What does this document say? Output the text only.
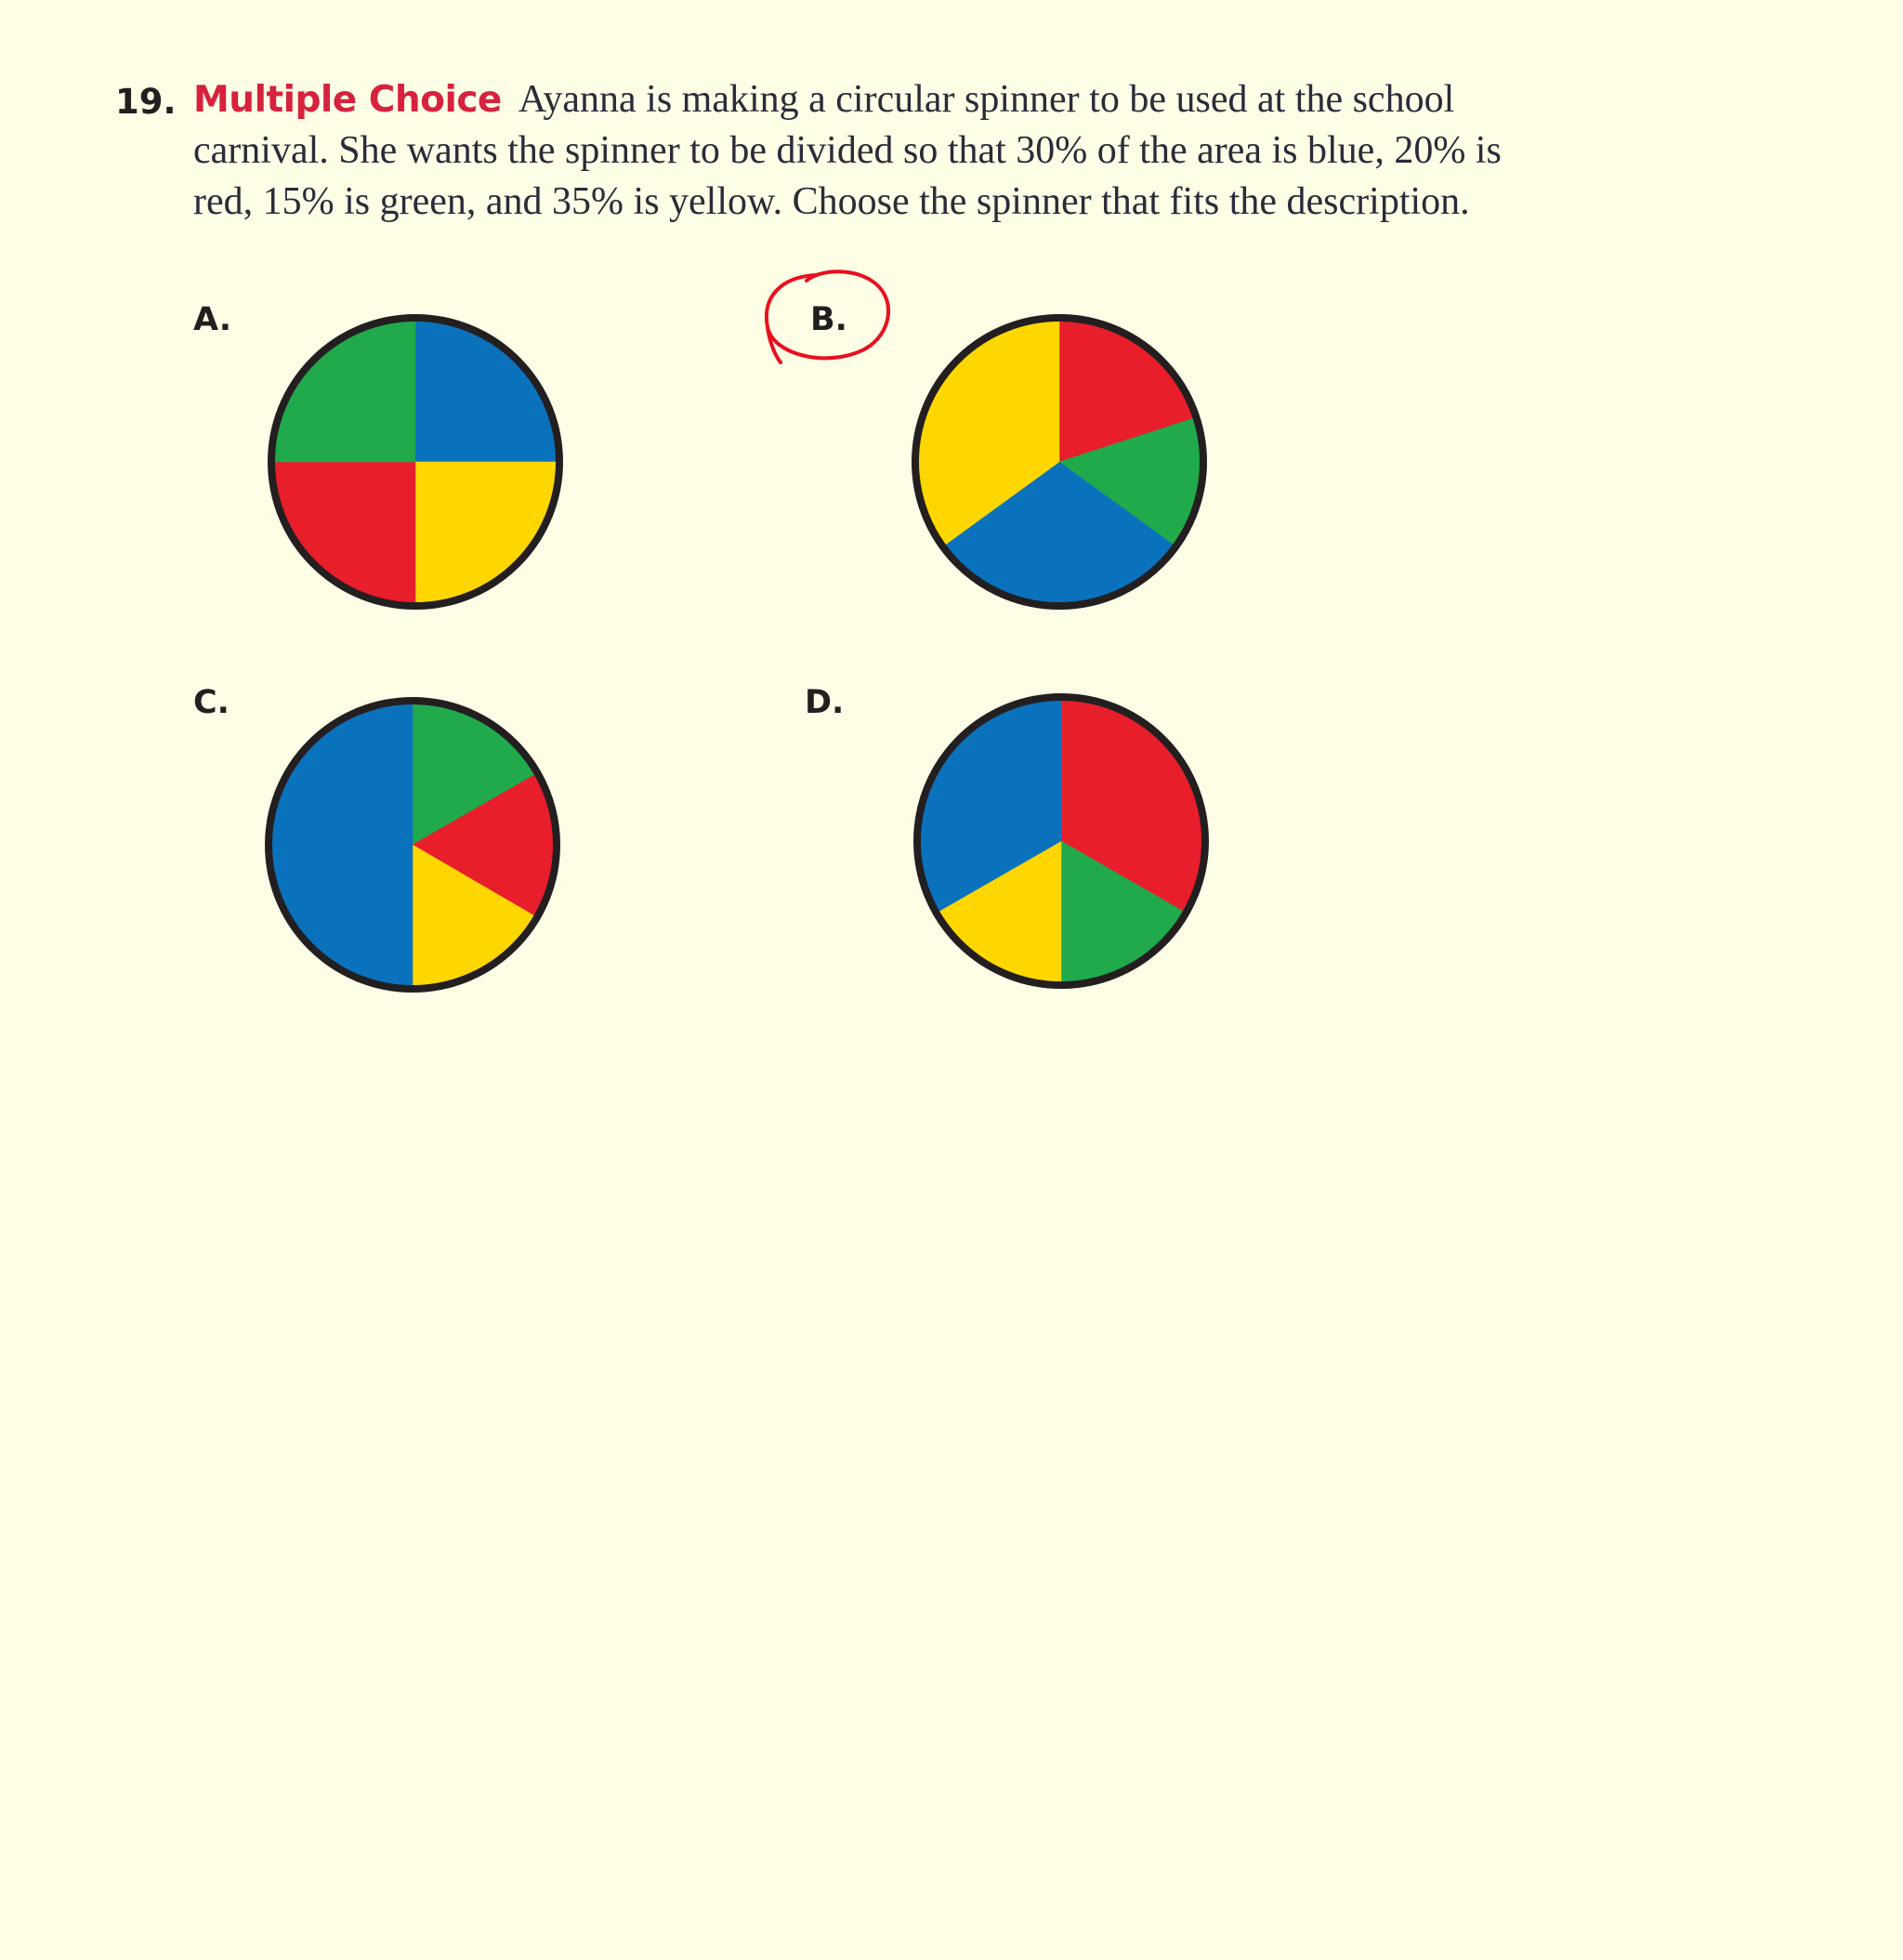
19. Multiple Choice Ayanna is making a circular spinner to be used at the school carnival. She wants the spinner to be divided so that 30% of the area is blue, 20% is red, 15% is green, and 35% is yellow. Choose the spinner that fits the description.
A.	B.
C.	D.
